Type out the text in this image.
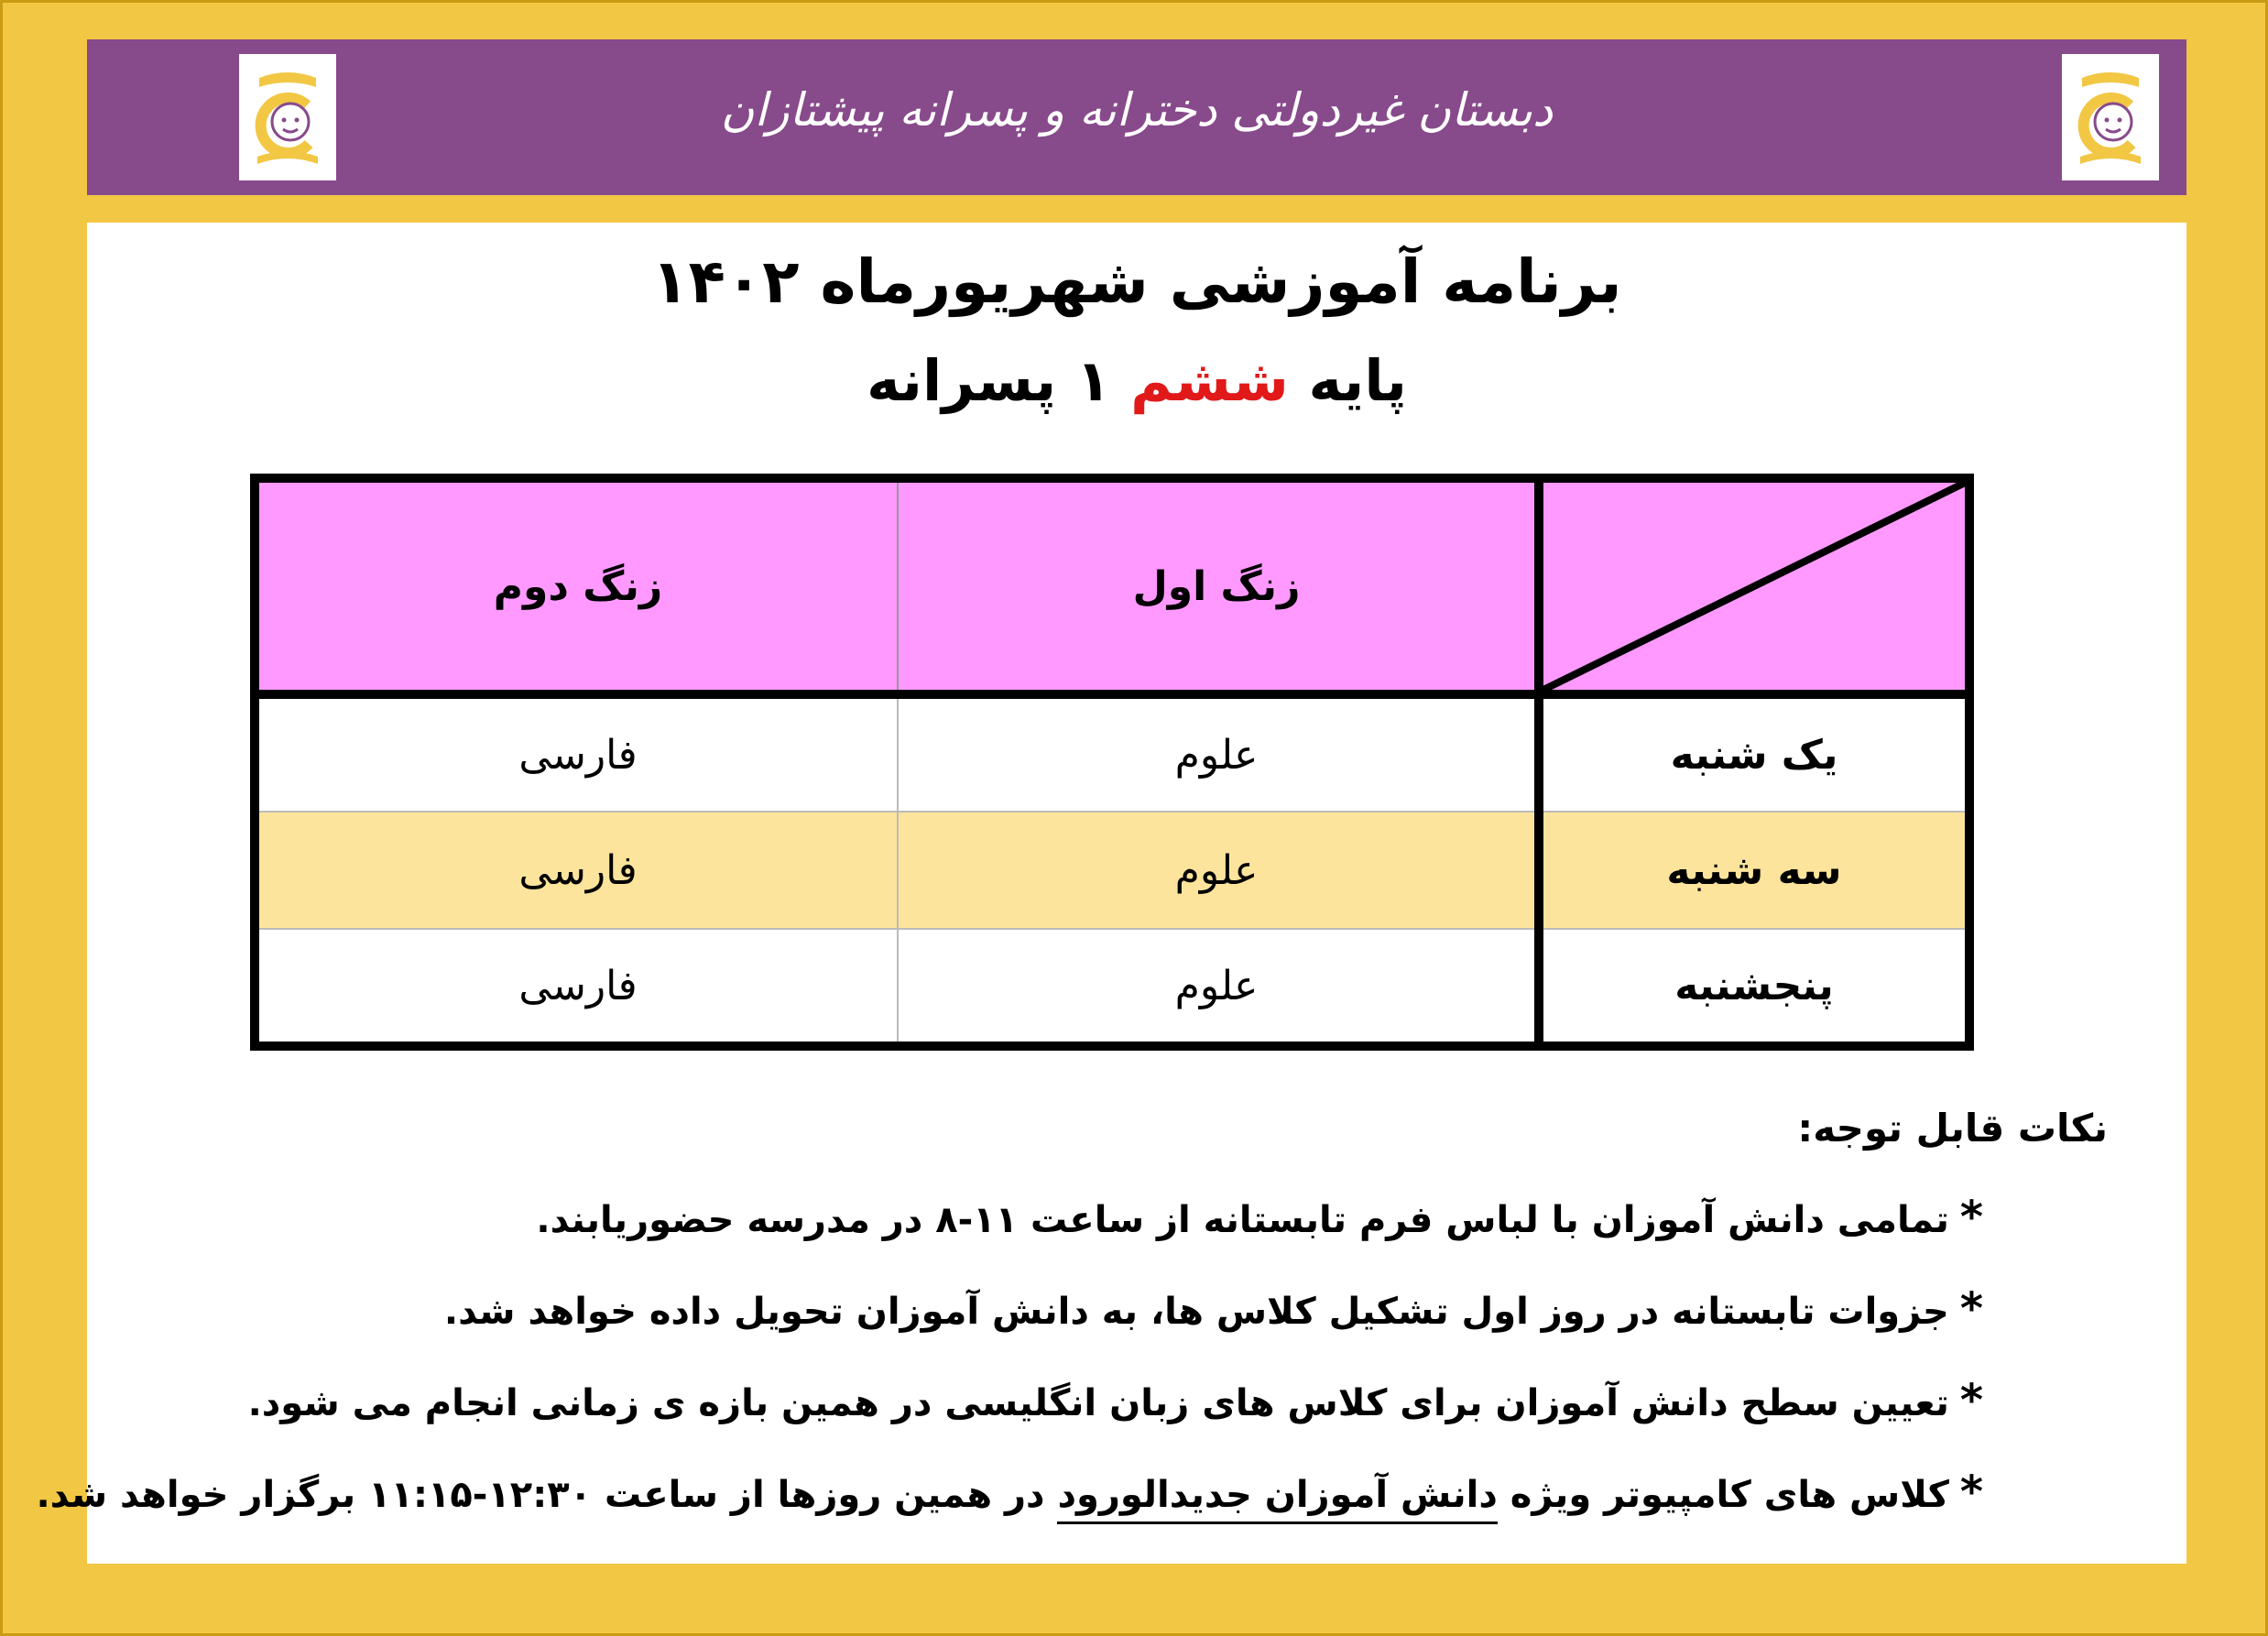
دبستان غیردولتی دخترانه و پسرانه پیشتازان
برنامه آموزشی شهریورماه ۱۴۰۲
پایه ششم ۱ پسرانه
	زنگ اول	زنگ دوم
یک شنبه	علوم	فارسی
سه شنبه	علوم	فارسی
پنجشنبه	علوم	فارسی
نکات قابل توجه:
*تمامی دانش آموزان با لباس فرم تابستانه از ساعت ۱۱-۸ در مدرسه حضوریابند.
*جزوات تابستانه در روز اول تشکیل کلاس ها، به دانش آموزان تحویل داده خواهد شد.
*تعیین سطح دانش آموزان برای کلاس های زبان انگلیسی در همین بازه ی زمانی انجام می شود.
*کلاس های کامپیوتر ویژه دانش آموزان جدیدالورود در همین روزها از ساعت ۱۲:۳۰-۱۱:۱۵ برگزار خواهد شد.
